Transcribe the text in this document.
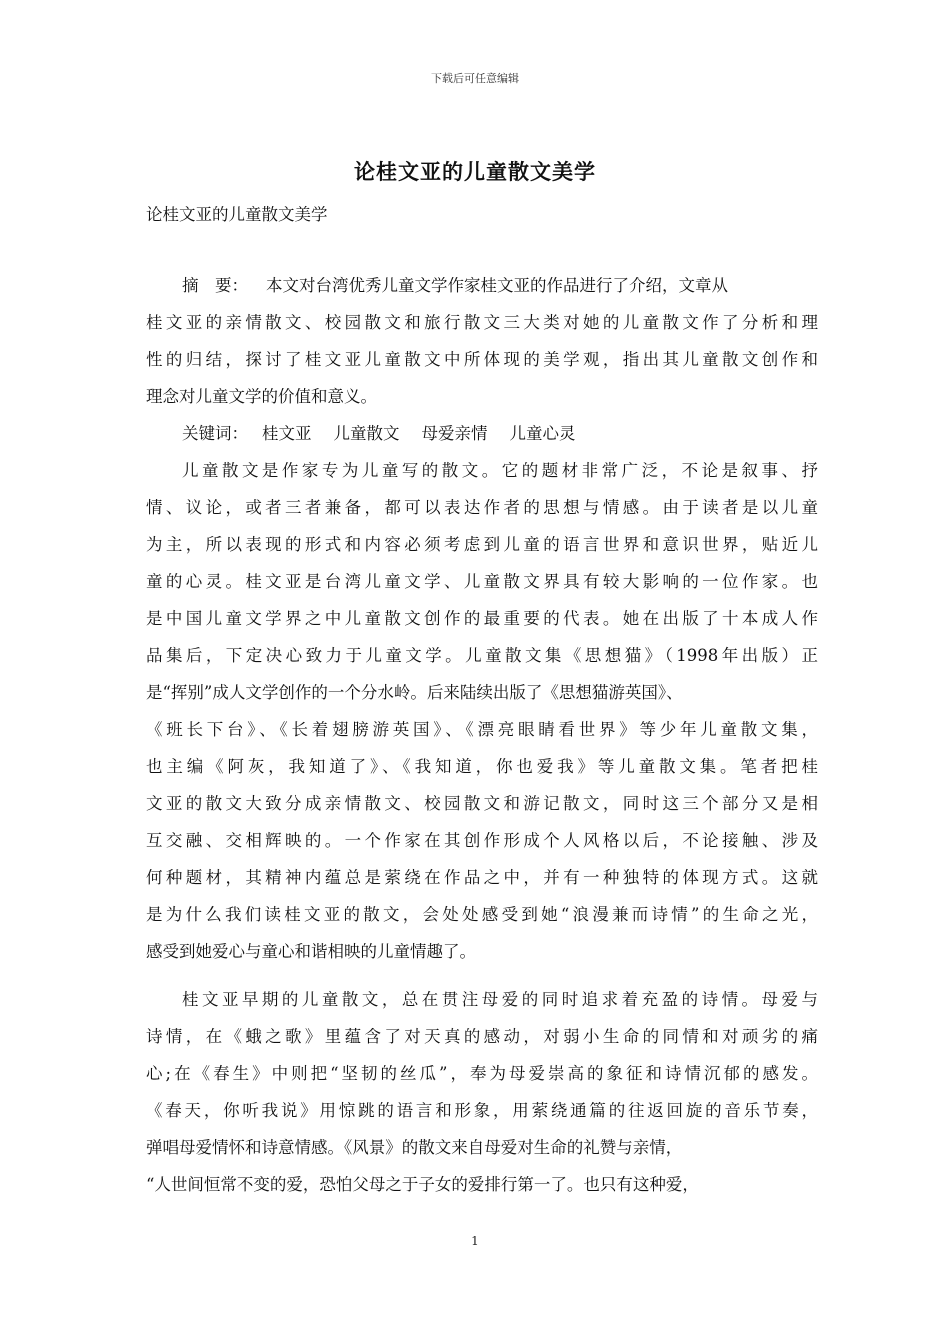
下载后可任意编辑
论桂文亚的儿童散文美学
论桂文亚的儿童散文美学
摘　要： 本文对台湾优秀儿童文学作家桂文亚的作品进行了介绍，文章从
桂文亚的亲情散文、校园散文和旅行散文三大类对她的儿童散文作了分析和理
性的归结，探讨了桂文亚儿童散文中所体现的美学观，指出其儿童散文创作和
理念对儿童文学的价值和意义。
关键词： 桂文亚 儿童散文 母爱亲情 儿童心灵
儿童散文是作家专为儿童写的散文。它的题材非常广泛，不论是叙事、抒
情、议论，或者三者兼备，都可以表达作者的思想与情感。由于读者是以儿童
为主，所以表现的形式和内容必须考虑到儿童的语言世界和意识世界，贴近儿
童的心灵。桂文亚是台湾儿童文学、儿童散文界具有较大影响的一位作家。也
是中国儿童文学界之中儿童散文创作的最重要的代表。她在出版了十本成人作
品集后，下定决心致力于儿童文学。儿童散文集《思想猫》（1998年出版）正
是“挥别”成人文学创作的一个分水岭。后来陆续出版了《思想猫游英国》、
《班长下台》、《长着翅膀游英国》、《漂亮眼睛看世界》等少年儿童散文集，
也主编《阿灰，我知道了》、《我知道，你也爱我》等儿童散文集。笔者把桂
文亚的散文大致分成亲情散文、校园散文和游记散文，同时这三个部分又是相
互交融、交相辉映的。一个作家在其创作形成个人风格以后，不论接触、涉及
何种题材，其精神内蕴总是萦绕在作品之中，并有一种独特的体现方式。这就
是为什么我们读桂文亚的散文，会处处感受到她“浪漫兼而诗情”的生命之光，
感受到她爱心与童心和谐相映的儿童情趣了。
桂文亚早期的儿童散文，总在贯注母爱的同时追求着充盈的诗情。母爱与
诗情，在《蛾之歌》里蕴含了对天真的感动，对弱小生命的同情和对顽劣的痛
心;在《春生》中则把“坚韧的丝瓜”，奉为母爱崇高的象征和诗情沉郁的感发。
《春天，你听我说》用惊跳的语言和形象，用萦绕通篇的往返回旋的音乐节奏，
弹唱母爱情怀和诗意情感。《风景》的散文来自母爱对生命的礼赞与亲情，
“人世间恒常不变的爱，恐怕父母之于子女的爱排行第一了。也只有这种爱，
1
